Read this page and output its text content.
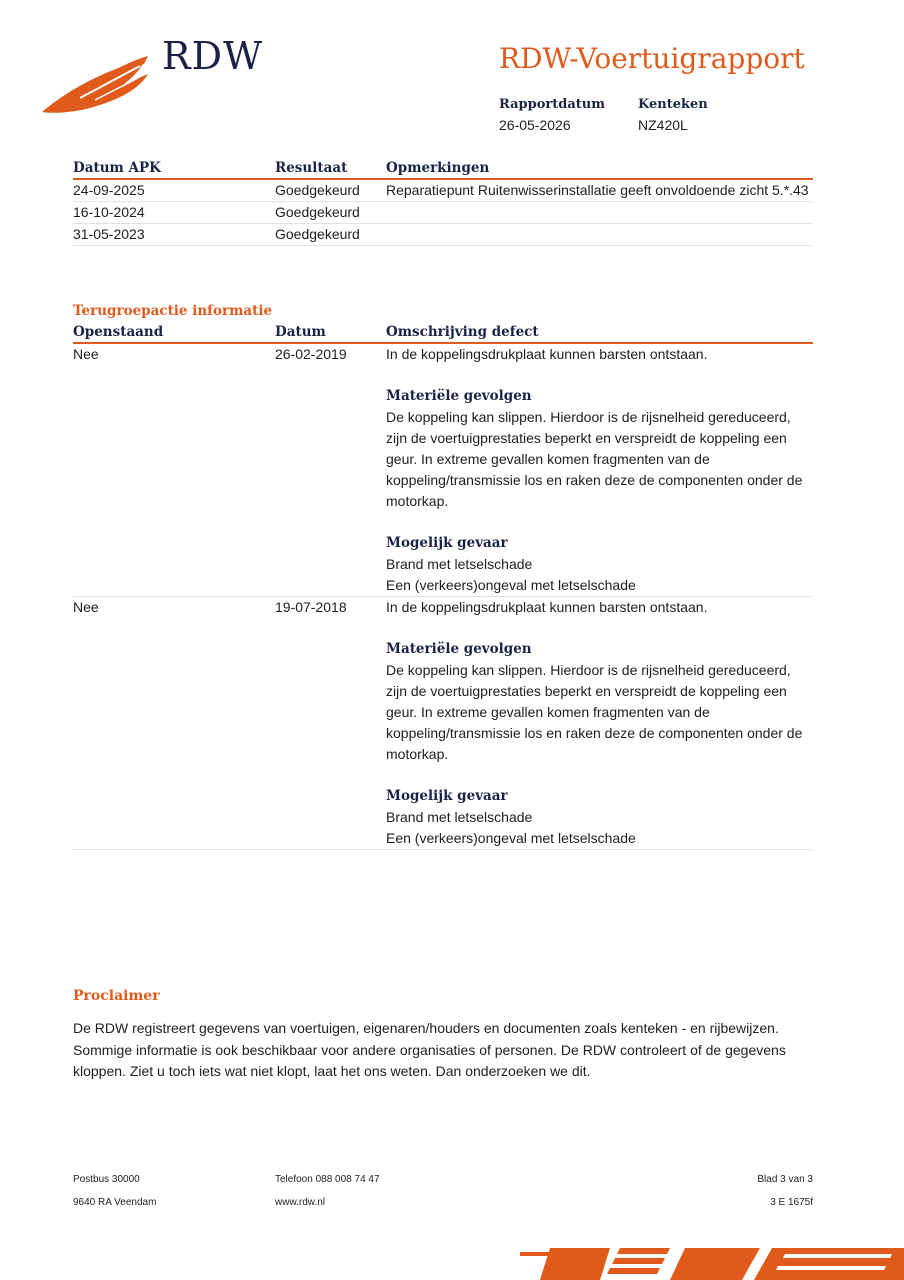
RDW	RDW-Voertuigrapport
Rapportdatum
26-05-2026
Kenteken
NZ420L
Datum APK	Resultaat	Opmerkingen
24-09-2025	Goedgekeurd	Reparatiepunt Ruitenwisserinstallatie geeft onvoldoende zicht 5.*.43
16-10-2024	Goedgekeurd
31-05-2023	Goedgekeurd
Terugroepactie informatie
Openstaand	Datum	Omschrijving defect
Nee	26-02-2019	In de koppelingsdrukplaat kunnen barsten ontstaan.
Materiële gevolgen
De koppeling kan slippen. Hierdoor is de rijsnelheid gereduceerd, zijn de voertuigprestaties beperkt en verspreidt de koppeling een geur. In extreme gevallen komen fragmenten van de koppeling/transmissie los en raken deze de componenten onder de motorkap.
Mogelijk gevaar
Brand met letselschade
Een (verkeers)ongeval met letselschade
Nee	19-07-2018	In de koppelingsdrukplaat kunnen barsten ontstaan.
Materiële gevolgen
De koppeling kan slippen. Hierdoor is de rijsnelheid gereduceerd, zijn de voertuigprestaties beperkt en verspreidt de koppeling een geur. In extreme gevallen komen fragmenten van de koppeling/transmissie los en raken deze de componenten onder de motorkap.
Mogelijk gevaar
Brand met letselschade
Een (verkeers)ongeval met letselschade
Proclaimer
De RDW registreert gegevens van voertuigen, eigenaren/houders en documenten zoals kenteken - en rijbewijzen. Sommige informatie is ook beschikbaar voor andere organisaties of personen. De RDW controleert of de gegevens kloppen. Ziet u toch iets wat niet klopt, laat het ons weten. Dan onderzoeken we dit.
Postbus 30000
9640 RA Veendam
Telefoon 088 008 74 47
www.rdw.nl
Blad 3 van 3
3 E 1675f
